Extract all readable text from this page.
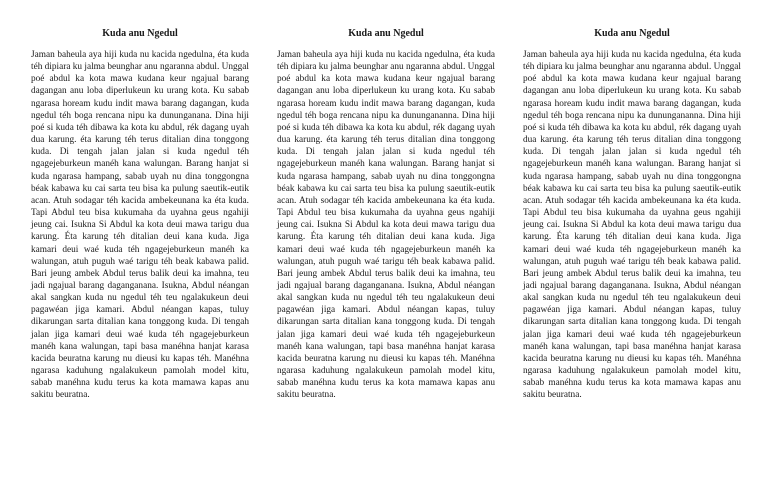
Kuda anu Ngedul

Jaman baheula aya hiji kuda nu kacida ngedulna, éta kuda téh dipiara ku jalma beunghar anu ngaranna abdul. Unggal poé abdul ka kota mawa kudana keur ngajual barang dagangan anu loba diperlukeun ku urang kota. Ku sabab ngarasa hoream kudu indit mawa barang dagangan, kuda ngedul téh boga rencana nipu ka dununganana. Dina hiji poé si kuda téh dibawa ka kota ku abdul, rék dagang uyah dua karung. éta karung téh terus ditalian dina tonggong kuda. Di tengah jalan jalan si kuda ngedul téh ngagejeburkeun manéh kana walungan. Barang hanjat si kuda ngarasa hampang, sabab uyah nu dina tonggongna béak kabawa ku cai sarta teu bisa ka pulung saeutik-eutik acan. Atuh sodagar téh kacida ambekeunana ka éta kuda. Tapi Abdul teu bisa kukumaha da uyahna geus ngahiji jeung cai. Isukna Si Abdul ka kota deui mawa tarigu dua karung. Éta karung téh ditalian deui kana kuda. Jiga kamari deui waé kuda téh ngagejeburkeun manéh ka walungan, atuh puguh waé tarigu téh beak kabawa palid. Bari jeung ambek Abdul terus balik deui ka imahna, teu jadi ngajual barang daganganana. Isukna, Abdul néangan akal sangkan kuda nu ngedul téh teu ngalakukeun deui pagawéan jiga kamari. Abdul néangan kapas, tuluy dikarungan sarta ditalian kana tonggong kuda. Di tengah jalan jiga kamari deui waé kuda téh ngagejeburkeun manéh kana walungan, tapi basa manéhna hanjat karasa kacida beuratna karung nu dieusi ku kapas téh. Manéhna ngarasa kaduhung ngalakukeun pamolah model kitu, sabab manéhna kudu terus ka kota mamawa kapas anu sakitu beuratna.

Kuda anu Ngedul

Jaman baheula aya hiji kuda nu kacida ngedulna, éta kuda téh dipiara ku jalma beunghar anu ngaranna abdul. Unggal poé abdul ka kota mawa kudana keur ngajual barang dagangan anu loba diperlukeun ku urang kota. Ku sabab ngarasa hoream kudu indit mawa barang dagangan, kuda ngedul téh boga rencana nipu ka dunungananna. Dina hiji poé si kuda téh dibawa ka kota ku abdul, rék dagang uyah dua karung. éta karung téh terus ditalian dina tonggong kuda. Di tengah jalan jalan si kuda ngedul téh ngagejeburkeun manéh kana walungan. Barang hanjat si kuda ngarasa hampang, sabab uyah nu dina tonggongna béak kabawa ku cai sarta teu bisa ka pulung saeutik-eutik acan. Atuh sodagar téh kacida ambekeunana ka éta kuda. Tapi Abdul teu bisa kukumaha da uyahna geus ngahiji jeung cai. Isukna Si Abdul ka kota deui mawa tarigu dua karung. Éta karung téh ditalian deui kana kuda. Jiga kamari deui waé kuda téh ngagejeburkeun manéh ka walungan, atuh puguh waé tarigu téh beak kabawa palid. Bari jeung ambek Abdul terus balik deui ka imahna, teu jadi ngajual barang daganganana. Isukna, Abdul néangan akal sangkan kuda nu ngedul téh teu ngalakukeun deui pagawéan jiga kamari. Abdul néangan kapas, tuluy dikarungan sarta ditalian kana tonggong kuda. Di tengah jalan jiga kamari deui waé kuda téh ngagejeburkeun manéh kana walungan, tapi basa manéhna hanjat karasa kacida beuratna karung nu dieusi ku kapas téh. Manéhna ngarasa kaduhung ngalakukeun pamolah model kitu, sabab manéhna kudu terus ka kota mamawa kapas anu sakitu beuratna.

Kuda anu Ngedul

Jaman baheula aya hiji kuda nu kacida ngedulna, éta kuda téh dipiara ku jalma beunghar anu ngaranna abdul. Unggal poé abdul ka kota mawa kudana keur ngajual barang dagangan anu loba diperlukeun ku urang kota. Ku sabab ngarasa hoream kudu indit mawa barang dagangan, kuda ngedul téh boga rencana nipu ka dunungananna. Dina hiji poé si kuda téh dibawa ka kota ku abdul, rék dagang uyah dua karung. éta karung téh terus ditalian dina tonggong kuda. Di tengah jalan jalan si kuda ngedul téh ngagejeburkeun manéh kana walungan. Barang hanjat si kuda ngarasa hampang, sabab uyah nu dina tonggongna béak kabawa ku cai sarta teu bisa ka pulung saeutik-eutik acan. Atuh sodagar téh kacida ambekeunana ka éta kuda. Tapi Abdul teu bisa kukumaha da uyahna geus ngahiji jeung cai. Isukna Si Abdul ka kota deui mawa tarigu dua karung. Éta karung téh ditalian deui kana kuda. Jiga kamari deui waé kuda téh ngagejeburkeun manéh ka walungan, atuh puguh waé tarigu téh beak kabawa palid. Bari jeung ambek Abdul terus balik deui ka imahna, teu jadi ngajual barang daganganana. Isukna, Abdul néangan akal sangkan kuda nu ngedul téh teu ngalakukeun deui pagawéan jiga kamari. Abdul néangan kapas, tuluy dikarungan sarta ditalian kana tonggong kuda. Di tengah jalan jiga kamari deui waé kuda téh ngagejeburkeun manéh kana walungan, tapi basa manéhna hanjat karasa kacida beuratna karung nu dieusi ku kapas téh. Manéhna ngarasa kaduhung ngalakukeun pamolah model kitu, sabab manéhna kudu terus ka kota mamawa kapas anu sakitu beuratna.
